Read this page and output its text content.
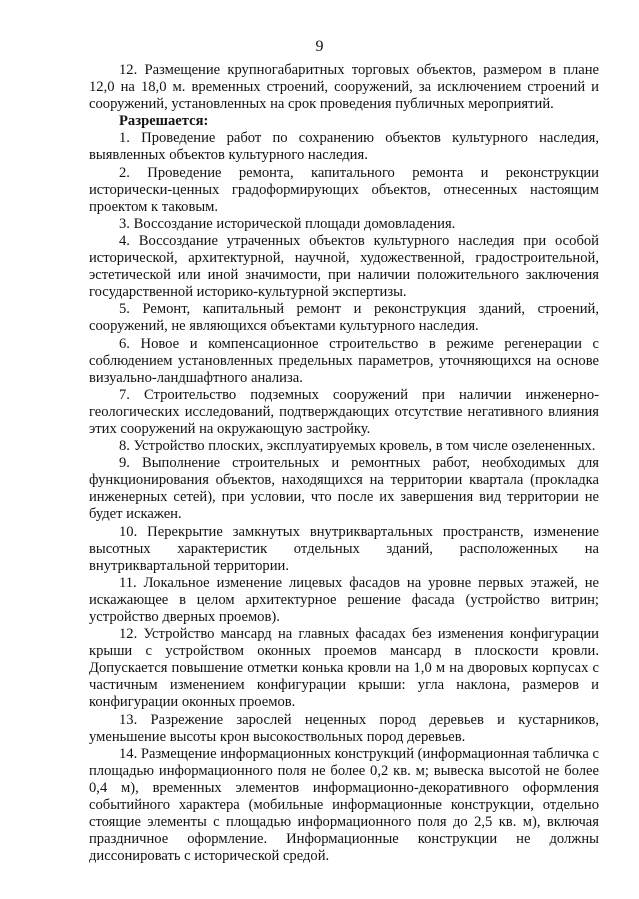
9

12. Размещение крупногабаритных торговых объектов, размером в плане 12,0 на 18,0 м. временных строений, сооружений, за исключением строений и сооружений, установленных на срок проведения публичных мероприятий.

Разрешается:

1. Проведение работ по сохранению объектов культурного наследия, выявленных объектов культурного наследия.

2. Проведение ремонта, капитального ремонта и реконструкции исторически-ценных градоформирующих объектов, отнесенных настоящим проектом к таковым.

3. Воссоздание исторической площади домовладения.

4. Воссоздание утраченных объектов культурного наследия при особой исторической, архитектурной, научной, художественной, градостроительной, эстетической или иной значимости, при наличии положительного заключения государственной историко-культурной экспертизы.

5. Ремонт, капитальный ремонт и реконструкция зданий, строений, сооружений, не являющихся объектами культурного наследия.

6. Новое и компенсационное строительство в режиме регенерации с соблюдением установленных предельных параметров, уточняющихся на основе визуально-ландшафтного анализа.

7. Строительство подземных сооружений при наличии инженерно-геологических исследований, подтверждающих отсутствие негативного влияния этих сооружений на окружающую застройку.

8. Устройство плоских, эксплуатируемых кровель, в том числе озелененных.

9. Выполнение строительных и ремонтных работ, необходимых для функционирования объектов, находящихся на территории квартала (прокладка инженерных сетей), при условии, что после их завершения вид территории не будет искажен.

10. Перекрытие замкнутых внутриквартальных пространств, изменение высотных характеристик отдельных зданий, расположенных на внутриквартальной территории.

11. Локальное изменение лицевых фасадов на уровне первых этажей, не искажающее в целом архитектурное решение фасада (устройство витрин; устройство дверных проемов).

12. Устройство мансард на главных фасадах без изменения конфигурации крыши с устройством оконных проемов мансард в плоскости кровли. Допускается повышение отметки конька кровли на 1,0 м на дворовых корпусах с частичным изменением конфигурации крыши: угла наклона, размеров и конфигурации оконных проемов.

13. Разрежение зарослей неценных пород деревьев и кустарников, уменьшение высоты крон высокоствольных пород деревьев.

14. Размещение информационных конструкций (информационная табличка с площадью информационного поля не более 0,2 кв. м; вывеска высотой не более 0,4 м), временных элементов информационно-декоративного оформления событийного характера (мобильные информационные конструкции, отдельно стоящие элементы с площадью информационного поля до 2,5 кв. м), включая праздничное оформление. Информационные конструкции не должны диссонировать с исторической средой.
